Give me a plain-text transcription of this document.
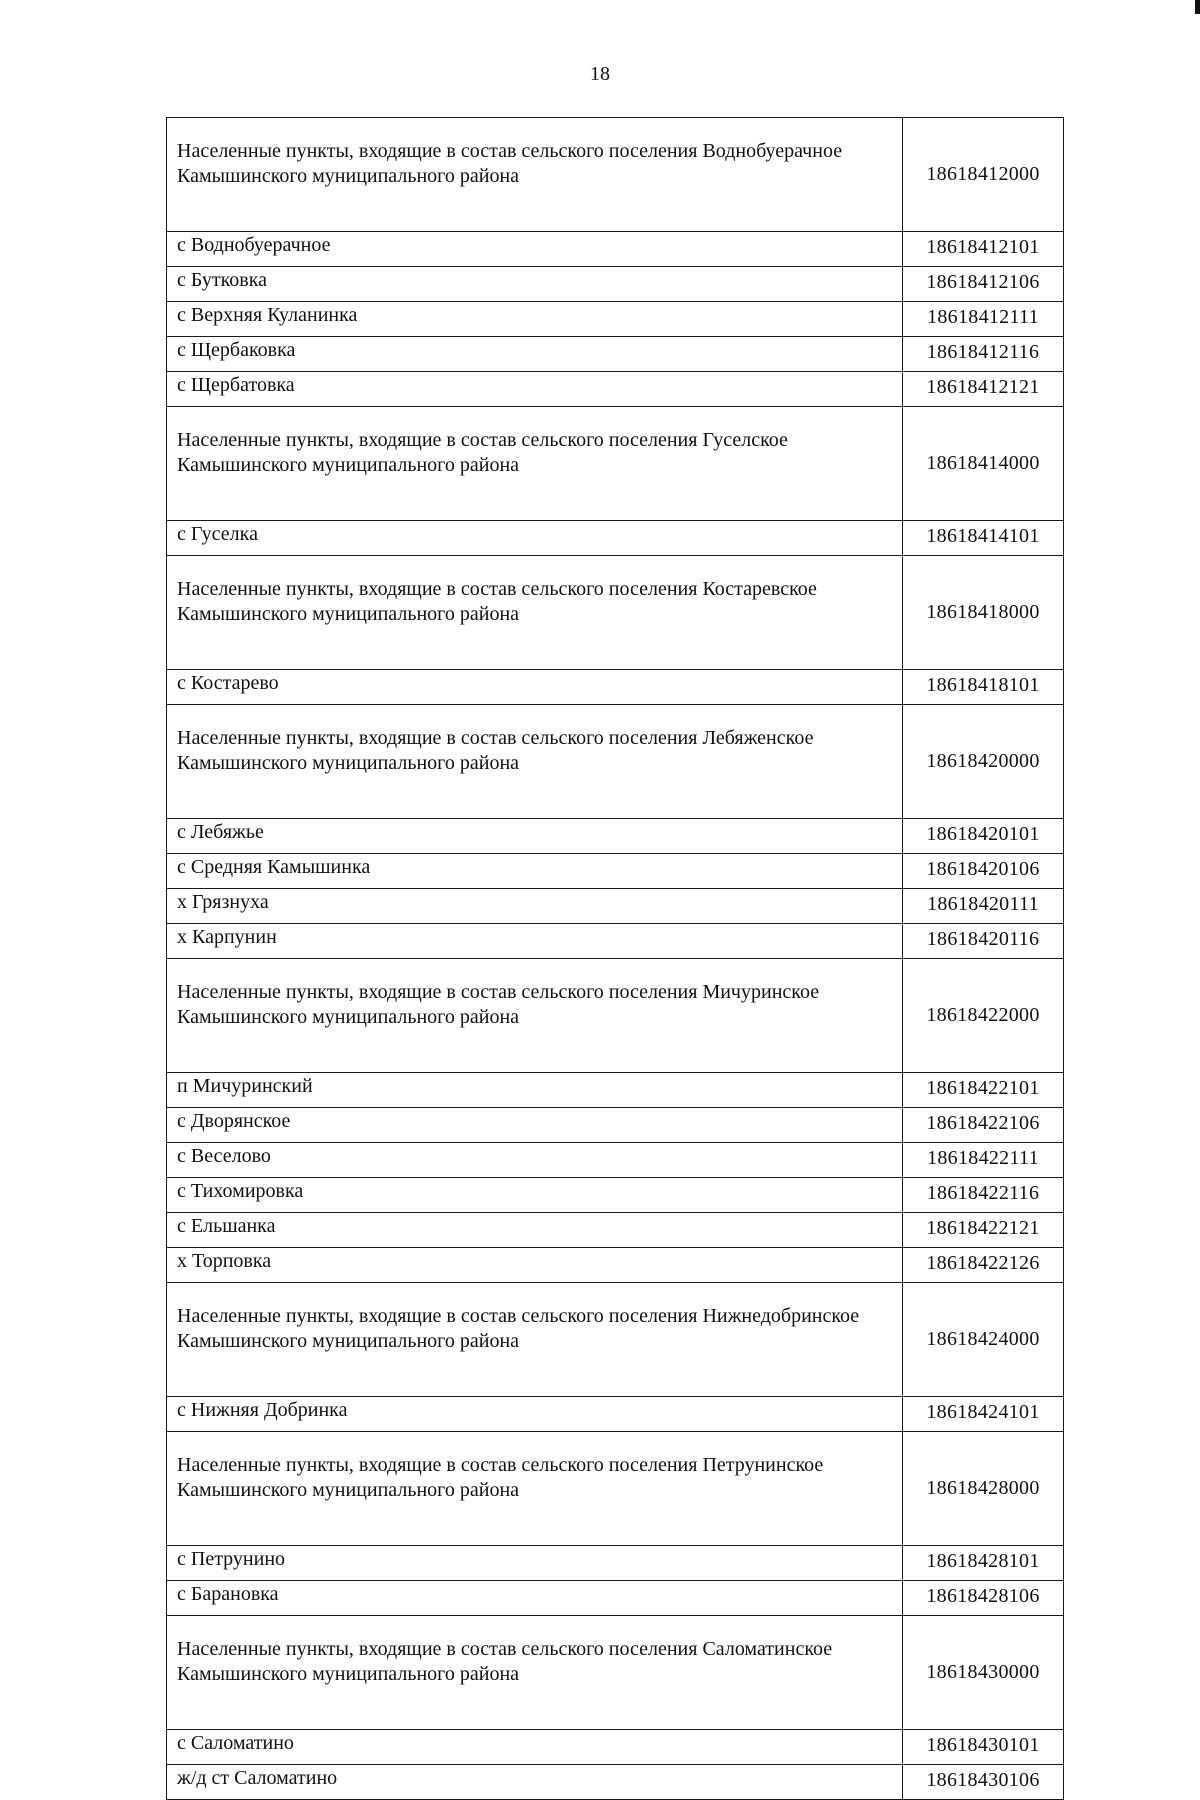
18
Населенные пункты, входящие в состав сельского поселения Воднобуерачное Камышинского муниципального района	18618412000
с Воднобуерачное	18618412101
с Бутковка	18618412106
с Верхняя Куланинка	18618412111
с Щербаковка	18618412116
с Щербатовка	18618412121
Населенные пункты, входящие в состав сельского поселения Гуселское Камышинского муниципального района	18618414000
с Гуселка	18618414101
Населенные пункты, входящие в состав сельского поселения Костаревское Камышинского муниципального района	18618418000
с Костарево	18618418101
Населенные пункты, входящие в состав сельского поселения Лебяженское Камышинского муниципального района	18618420000
с Лебяжье	18618420101
с Средняя Камышинка	18618420106
х Грязнуха	18618420111
х Карпунин	18618420116
Населенные пункты, входящие в состав сельского поселения Мичуринское Камышинского муниципального района	18618422000
п Мичуринский	18618422101
с Дворянское	18618422106
с Веселово	18618422111
с Тихомировка	18618422116
с Ельшанка	18618422121
х Торповка	18618422126
Населенные пункты, входящие в состав сельского поселения Нижнедобринское Камышинского муниципального района	18618424000
с Нижняя Добринка	18618424101
Населенные пункты, входящие в состав сельского поселения Петрунинское Камышинского муниципального района	18618428000
с Петрунино	18618428101
с Барановка	18618428106
Населенные пункты, входящие в состав сельского поселения Саломатинское Камышинского муниципального района	18618430000
с Саломатино	18618430101
ж/д ст Саломатино	18618430106
